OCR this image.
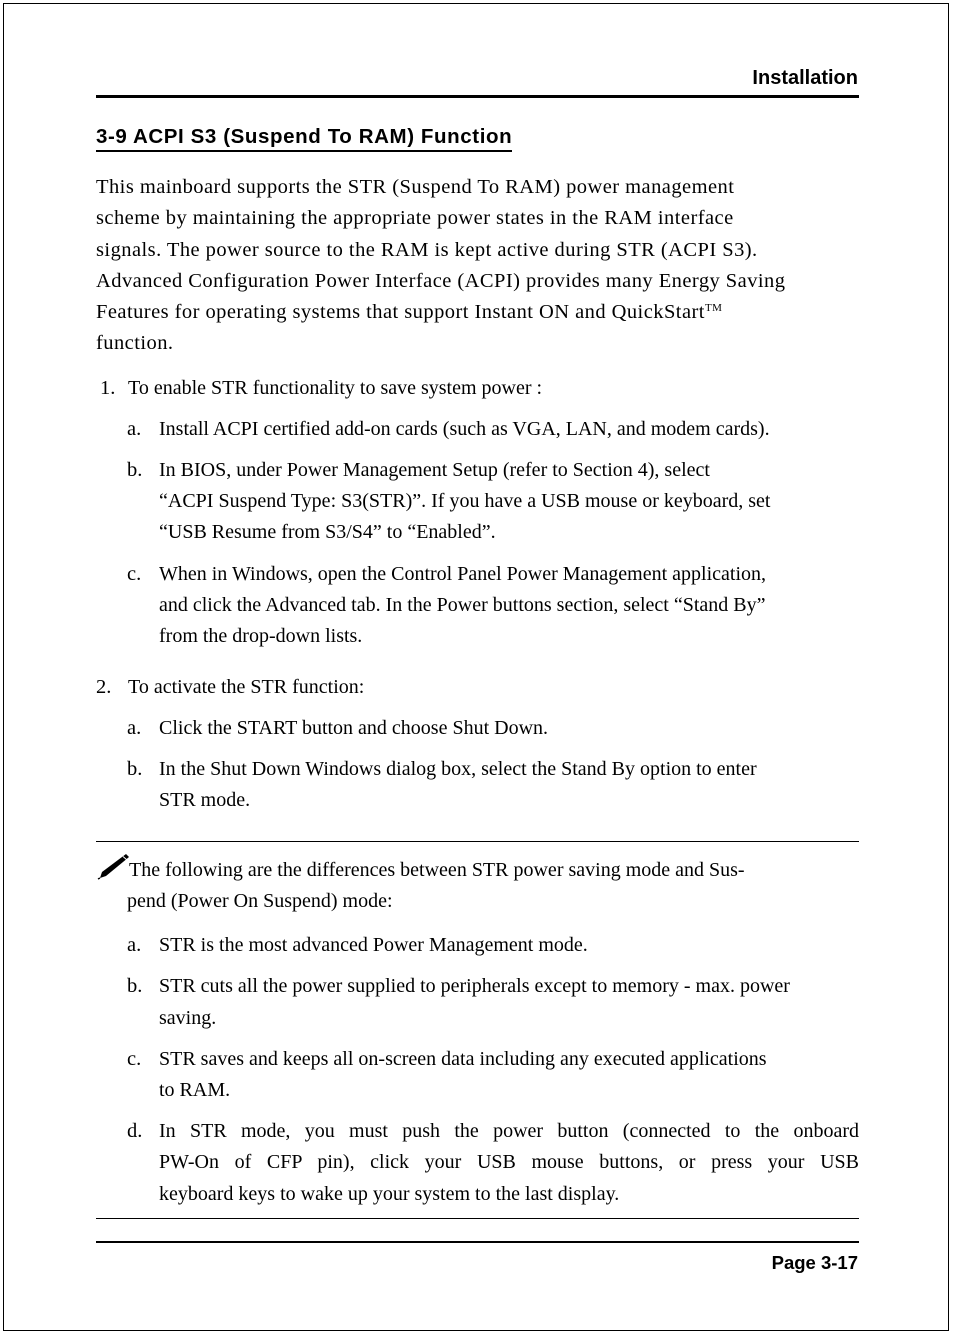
Installation
3-9 ACPI S3 (Suspend To RAM) Function
This mainboard supports the STR (Suspend To RAM) power management
scheme by maintaining the appropriate power states in the RAM interface
signals. The power source to the RAM is kept active during STR (ACPI S3).
Advanced Configuration Power Interface (ACPI) provides many Energy Saving
Features for operating systems that support Instant ON and QuickStart™
function.
1. To enable STR functionality to save system power :
a. Install ACPI certified add-on cards (such as VGA, LAN, and modem cards).
b. In BIOS, under Power Management Setup (refer to Section 4), select
“ACPI Suspend Type: S3(STR)”. If you have a USB mouse or keyboard, set
“USB Resume from S3/S4” to “Enabled”.
c. When in Windows, open the Control Panel Power Management application,
and click the Advanced tab. In the Power buttons section, select “Stand By”
from the drop-down lists.
2. To activate the STR function:
a. Click the START button and choose Shut Down.
b. In the Shut Down Windows dialog box, select the Stand By option to enter
STR mode.
The following are the differences between STR power saving mode and Sus-
pend (Power On Suspend) mode:
a. STR is the most advanced Power Management mode.
b. STR cuts all the power supplied to peripherals except to memory - max. power
saving.
c. STR saves and keeps all on-screen data including any executed applications
to RAM.
d. In STR mode, you must push the power button (connected to the onboard
PW-On of CFP pin), click your USB mouse buttons, or press your USB
keyboard keys to wake up your system to the last display.
Page 3-17
